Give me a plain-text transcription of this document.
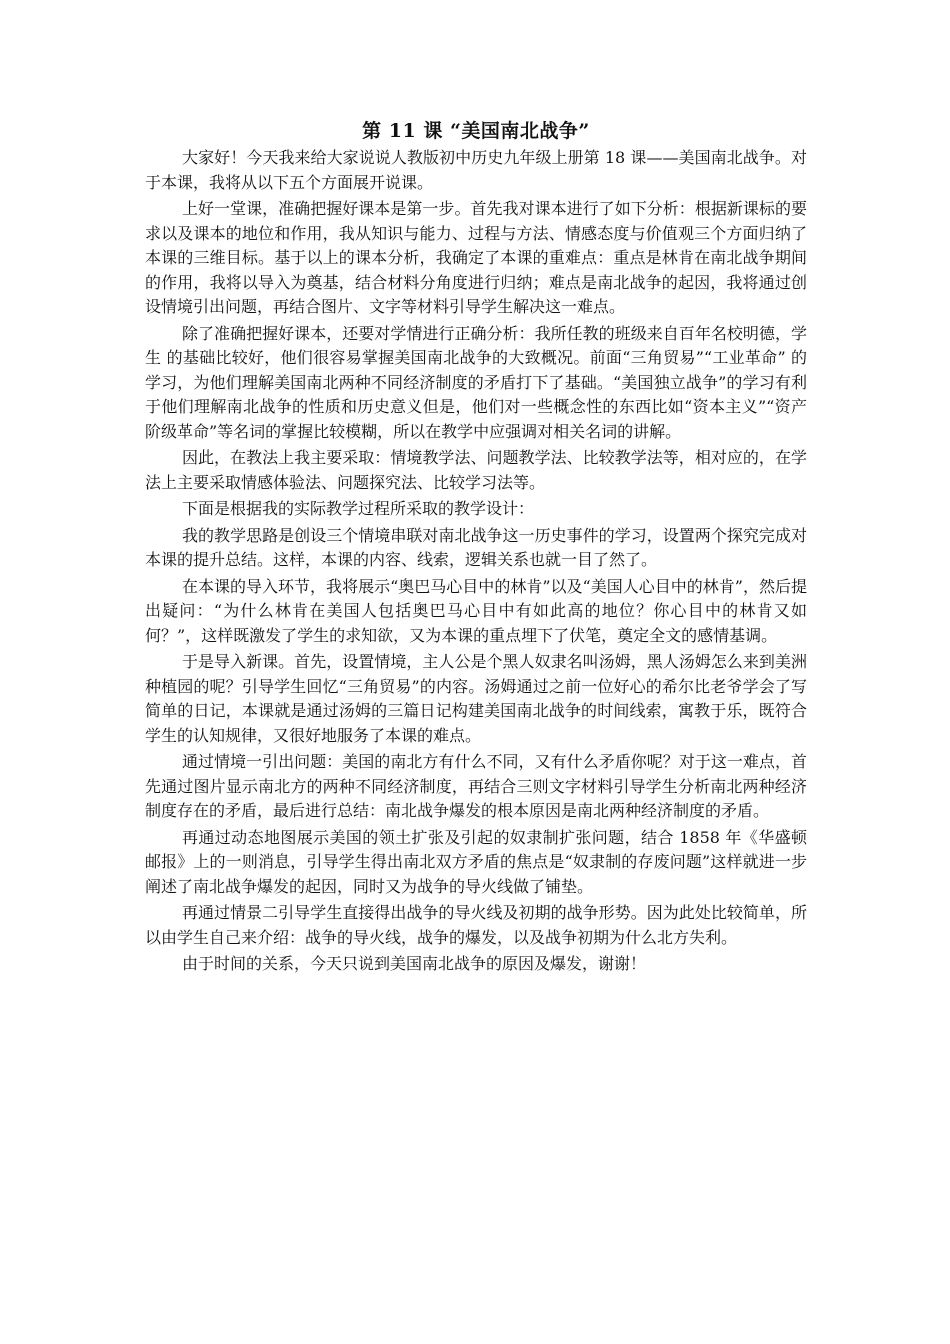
第 11 课 “美国南北战争”

大家好！今天我来给大家说说人教版初中历史九年级上册第 18 课——美国南北战争。对于本课，我将从以下五个方面展开说课。

上好一堂课，准确把握好课本是第一步。首先我对课本进行了如下分析：根据新课标的要求以及课本的地位和作用，我从知识与能力、过程与方法、情感态度与价值观三个方面归纳了本课的三维目标。基于以上的课本分析，我确定了本课的重难点：重点是林肯在南北战争期间的作用，我将以导入为奠基，结合材料分角度进行归纳；难点是南北战争的起因，我将通过创设情境引出问题，再结合图片、文字等材料引导学生解决这一难点。

除了准确把握好课本，还要对学情进行正确分析：我所任教的班级来自百年名校明德，学生 的基础比较好，他们很容易掌握美国南北战争的大致概况。前面“三角贸易”“工业革命” 的学习，为他们理解美国南北两种不同经济制度的矛盾打下了基础。“美国独立战争”的学习有利于他们理解南北战争的性质和历史意义但是，他们对一些概念性的东西比如“资本主义”“资产阶级革命”等名词的掌握比较模糊，所以在教学中应强调对相关名词的讲解。

因此，在教法上我主要采取：情境教学法、问题教学法、比较教学法等，相对应的，在学法上主要采取情感体验法、问题探究法、比较学习法等。

下面是根据我的实际教学过程所采取的教学设计：

我的教学思路是创设三个情境串联对南北战争这一历史事件的学习，设置两个探究完成对本课的提升总结。这样，本课的内容、线索，逻辑关系也就一目了然了。

在本课的导入环节，我将展示“奥巴马心目中的林肯”以及“美国人心目中的林肯”，然后提出疑问：“为什么林肯在美国人包括奥巴马心目中有如此高的地位？你心目中的林肯又如何？”，这样既激发了学生的求知欲，又为本课的重点埋下了伏笔，奠定全文的感情基调。

于是导入新课。首先，设置情境，主人公是个黑人奴隶名叫汤姆，黑人汤姆怎么来到美洲种植园的呢？引导学生回忆“三角贸易”的内容。汤姆通过之前一位好心的希尔比老爷学会了写简单的日记，本课就是通过汤姆的三篇日记构建美国南北战争的时间线索，寓教于乐，既符合学生的认知规律，又很好地服务了本课的难点。

通过情境一引出问题：美国的南北方有什么不同，又有什么矛盾你呢？对于这一难点，首先通过图片显示南北方的两种不同经济制度，再结合三则文字材料引导学生分析南北两种经济制度存在的矛盾，最后进行总结：南北战争爆发的根本原因是南北两种经济制度的矛盾。

再通过动态地图展示美国的领土扩张及引起的奴隶制扩张问题，结合 1858 年《华盛顿邮报》上的一则消息，引导学生得出南北双方矛盾的焦点是“奴隶制的存废问题”这样就进一步阐述了南北战争爆发的起因，同时又为战争的导火线做了铺垫。

再通过情景二引导学生直接得出战争的导火线及初期的战争形势。因为此处比较简单，所以由学生自己来介绍：战争的导火线，战争的爆发，以及战争初期为什么北方失利。

由于时间的关系，今天只说到美国南北战争的原因及爆发，谢谢！
